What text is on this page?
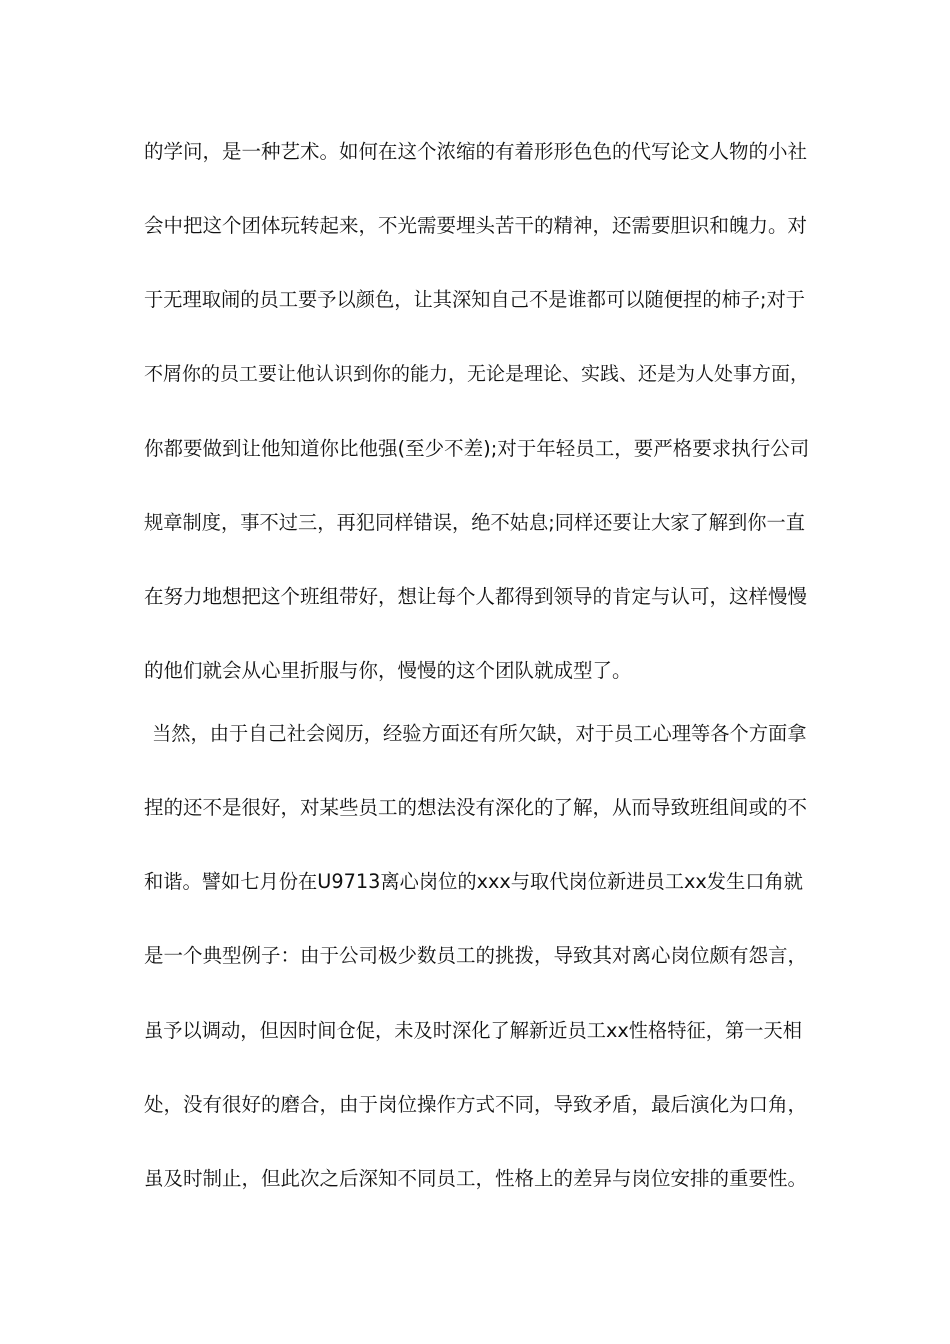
的学问，是一种艺术。如何在这个浓缩的有着形形色色的代写论文人物的小社
会中把这个团体玩转起来，不光需要埋头苦干的精神，还需要胆识和魄力。对
于无理取闹的员工要予以颜色，让其深知自己不是谁都可以随便捏的柿子;对于
不屑你的员工要让他认识到你的能力，无论是理论、实践、还是为人处事方面，
你都要做到让他知道你比他强(至少不差);对于年轻员工，要严格要求执行公司
规章制度，事不过三，再犯同样错误，绝不姑息;同样还要让大家了解到你一直
在努力地想把这个班组带好，想让每个人都得到领导的肯定与认可，这样慢慢
的他们就会从心里折服与你，慢慢的这个团队就成型了。
当然，由于自己社会阅历，经验方面还有所欠缺，对于员工心理等各个方面拿
捏的还不是很好，对某些员工的想法没有深化的了解，从而导致班组间或的不
和谐。譬如七月份在U9713离心岗位的xxx与取代岗位新进员工xx发生口角就
是一个典型例子：由于公司极少数员工的挑拨，导致其对离心岗位颇有怨言，
虽予以调动，但因时间仓促，未及时深化了解新近员工xx性格特征，第一天相
处，没有很好的磨合，由于岗位操作方式不同，导致矛盾，最后演化为口角，
虽及时制止，但此次之后深知不同员工，性格上的差异与岗位安排的重要性。
